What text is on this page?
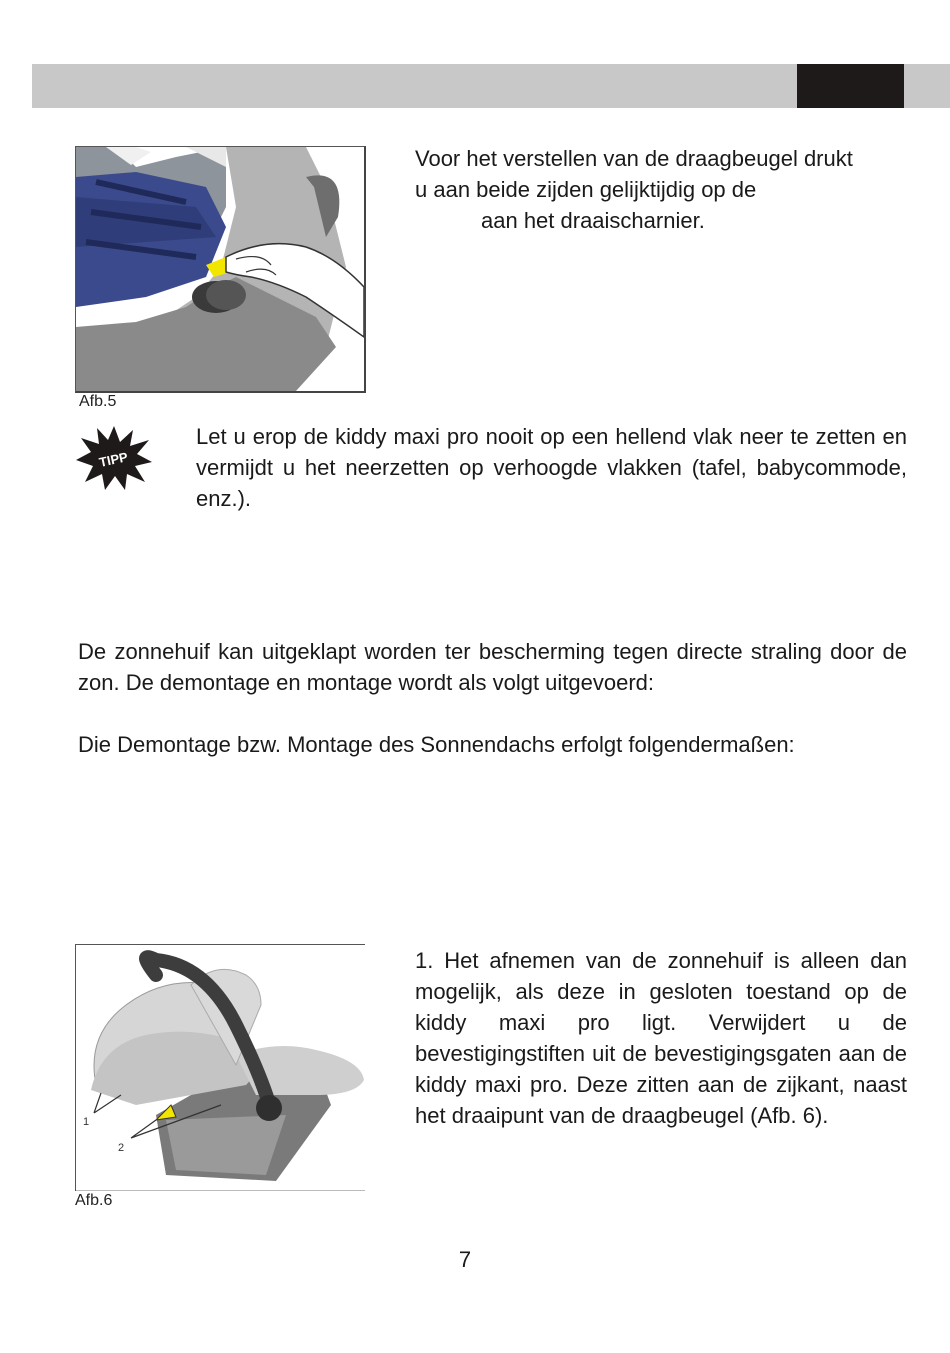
Afb.5
Voor het verstellen van de draagbeugel drukt
u aan beide zijden gelijktijdig op de
aan het draaischarnier.
TIPP

Let u erop de kiddy maxi pro nooit op een hellend vlak neer te zetten en vermijdt u het neerzetten op verhoogde vlakken (tafel, babycommode, enz.).

De zonnehuif kan uitgeklapt worden ter bescherming tegen directe straling door de zon. De demontage en montage wordt als volgt uitgevoerd:

Die Demontage bzw. Montage des Sonnendachs erfolgt folgendermaßen:

1
2
Afb.6

1. Het afnemen van de zonnehuif is alleen dan mogelijk, als deze in gesloten toestand op de kiddy maxi pro ligt. Verwijdert u de bevestigingstiften uit de bevestigingsgaten aan de kiddy maxi pro. Deze zitten aan de zijkant, naast het draaipunt van de draagbeugel (Afb. 6).

7
